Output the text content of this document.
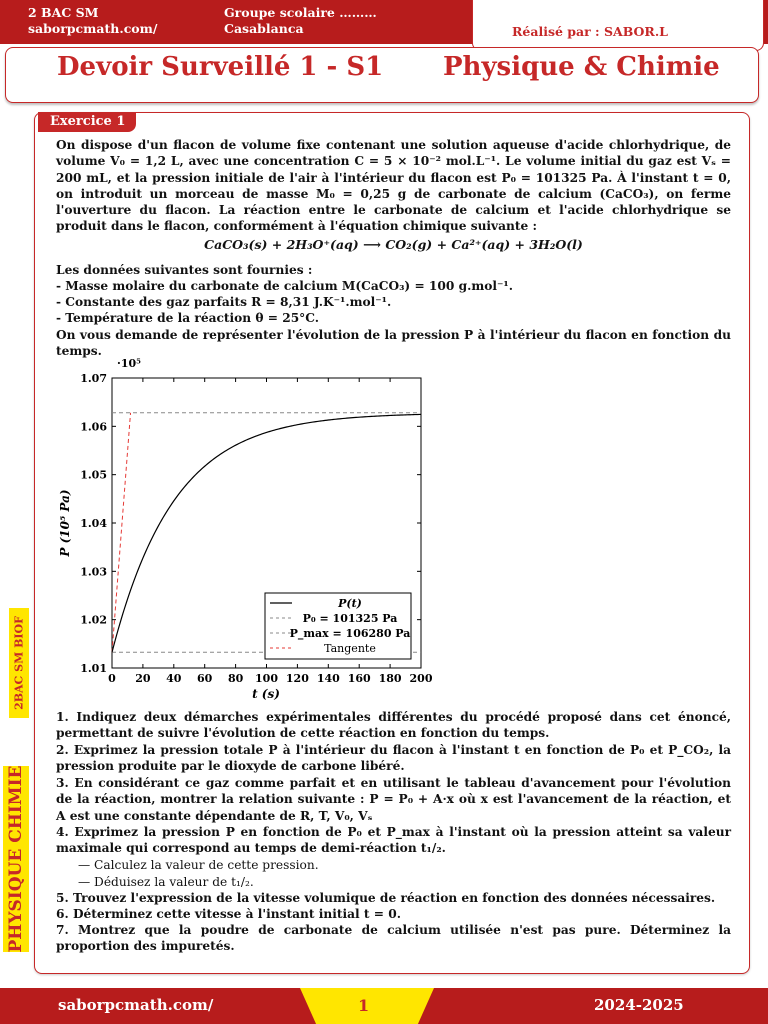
2 BAC SM
saborpcmath.com/
Groupe scolaire ………
Casablanca	Réalisé par : SABOR.L
Devoir Surveillé 1 - S1 Physique & Chimie
Exercice 1
On dispose d'un flacon de volume fixe contenant une solution aqueuse d'acide chlorhydrique, de volume V₀ = 1,2 L, avec une concentration C = 5 × 10⁻² mol.L⁻¹. Le volume initial du gaz est Vₛ = 200 mL, et la pression initiale de l'air à l'intérieur du flacon est P₀ = 101325 Pa. À l'instant t = 0, on introduit un morceau de masse M₀ = 0,25 g de carbonate de calcium (CaCO₃), on ferme l'ouverture du flacon. La réaction entre le carbonate de calcium et l'acide chlorhydrique se produit dans le flacon, conformément à l'équation chimique suivante :
CaCO₃(s) + 2H₃O⁺(aq) ⟶ CO₂(g) + Ca²⁺(aq) + 3H₂O(l)
Les données suivantes sont fournies :
- Masse molaire du carbonate de calcium M(CaCO₃) = 100 g.mol⁻¹.
- Constante des gaz parfaits R = 8,31 J.K⁻¹.mol⁻¹.
- Température de la réaction θ = 25°C.
On vous demande de représenter l'évolution de la pression P à l'intérieur du flacon en fonction du temps.
0 20 40 60 80 100 120 140 160 180 200
1.01
1.02
1.03
1.04
1.05
1.06
1.07
·10⁵
P (10⁵ Pa)
t (s)
P(t)
P₀ = 101325 Pa
P_max = 106280 Pa
Tangente
1. Indiquez deux démarches expérimentales différentes du procédé proposé dans cet énoncé, permettant de suivre l'évolution de cette réaction en fonction du temps.
2. Exprimez la pression totale P à l'intérieur du flacon à l'instant t en fonction de P₀ et P_CO₂, la pression produite par le dioxyde de carbone libéré.
3. En considérant ce gaz comme parfait et en utilisant le tableau d'avancement pour l'évolution de la réaction, montrer la relation suivante : P = P₀ + A·x où x est l'avancement de la réaction, et A est une constante dépendante de R, T, V₀, Vₛ
4. Exprimez la pression P en fonction de P₀ et P_max à l'instant où la pression atteint sa valeur maximale qui correspond au temps de demi-réaction t₁/₂.
— Calculez la valeur de cette pression.
— Déduisez la valeur de t₁/₂.
5. Trouvez l'expression de la vitesse volumique de réaction en fonction des données nécessaires.
6. Déterminez cette vitesse à l'instant initial t = 0.
7. Montrez que la poudre de carbonate de calcium utilisée n'est pas pure. Déterminez la proportion des impuretés.
2BAC SM BIOF
PHYSIQUE CHIMIE
saborpcmath.com/	1	2024-2025
